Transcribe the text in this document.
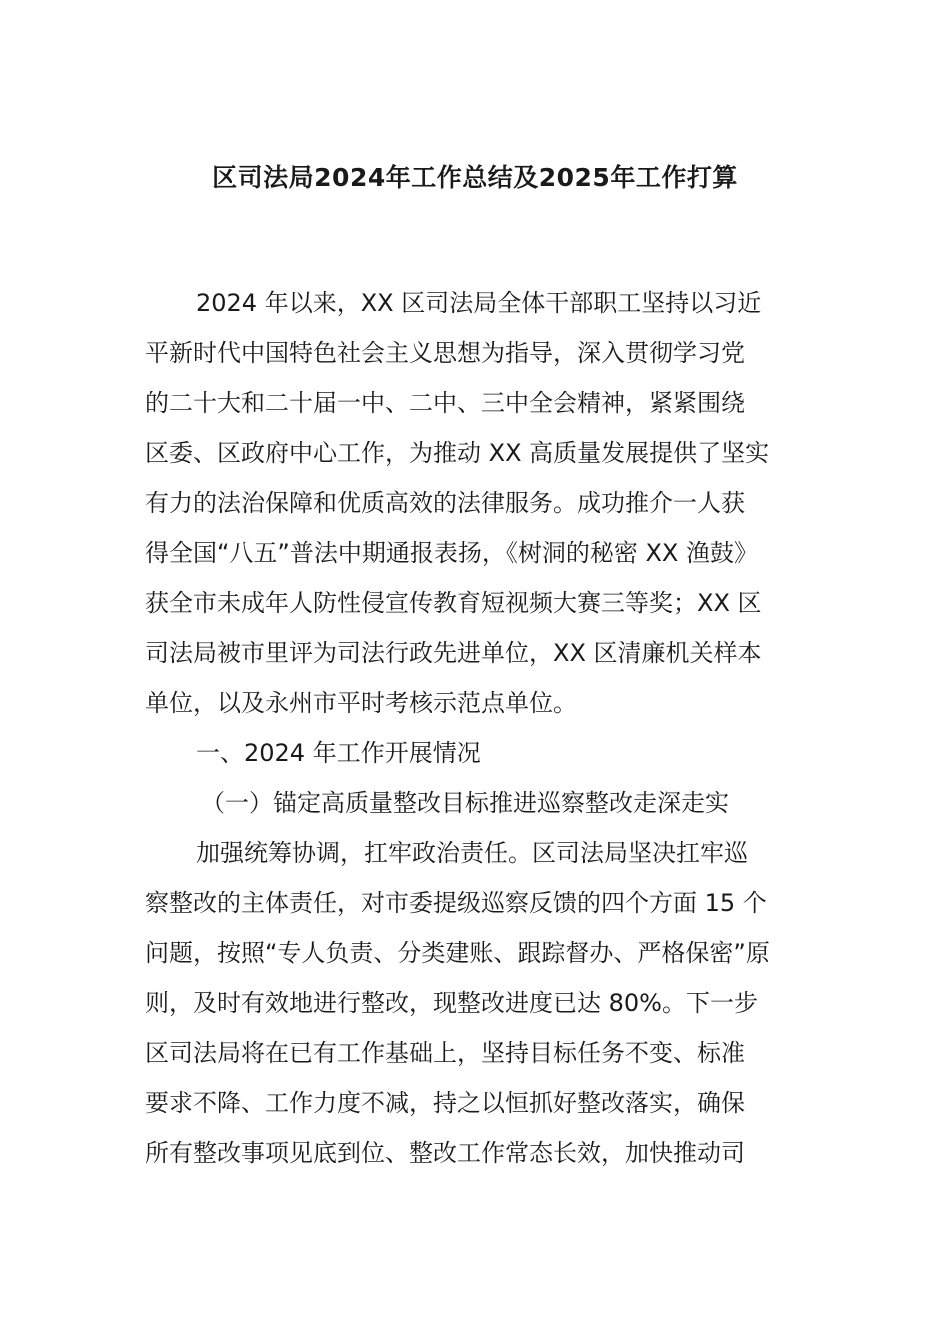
区司法局2024年工作总结及2025年工作打算
2024 年以来，XX 区司法局全体干部职工坚持以习近
平新时代中国特色社会主义思想为指导，深入贯彻学习党
的二十大和二十届一中、二中、三中全会精神，紧紧围绕
区委、区政府中心工作，为推动 XX 高质量发展提供了坚实
有力的法治保障和优质高效的法律服务。成功推介一人获
得全国“八五”普法中期通报表扬，《树洞的秘密 XX 渔鼓》
获全市未成年人防性侵宣传教育短视频大赛三等奖；XX 区
司法局被市里评为司法行政先进单位，XX 区清廉机关样本
单位，以及永州市平时考核示范点单位。
一、2024 年工作开展情况
（一）锚定高质量整改目标推进巡察整改走深走实
加强统筹协调，扛牢政治责任。区司法局坚决扛牢巡
察整改的主体责任，对市委提级巡察反馈的四个方面 15 个
问题，按照“专人负责、分类建账、跟踪督办、严格保密”原
则，及时有效地进行整改，现整改进度已达 80%。下一步
区司法局将在已有工作基础上，坚持目标任务不变、标准
要求不降、工作力度不减，持之以恒抓好整改落实，确保
所有整改事项见底到位、整改工作常态长效，加快推动司
